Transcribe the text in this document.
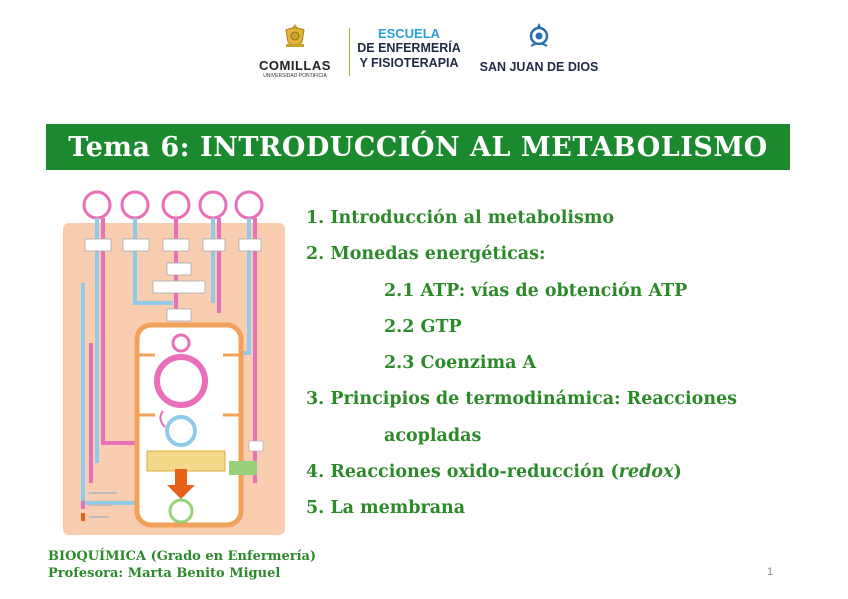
COMILLAS
UNIVERSIDAD PONTIFICIA
ESCUELA
DE ENFERMERÍA
Y FISIOTERAPIA	SAN JUAN DE DIOS
Tema 6: INTRODUCCIÓN AL METABOLISMO
1. Introducción al metabolismo
2. Monedas energéticas:
2.1 ATP: vías de obtención ATP
2.2 GTP
2.3 Coenzima A
3. Principios de termodinámica: Reacciones
acopladas
4. Reacciones oxido-reducción (redox)
5. La membrana
BIOQUÍMICA (Grado en Enfermería)
Profesora: Marta Benito Miguel	1
